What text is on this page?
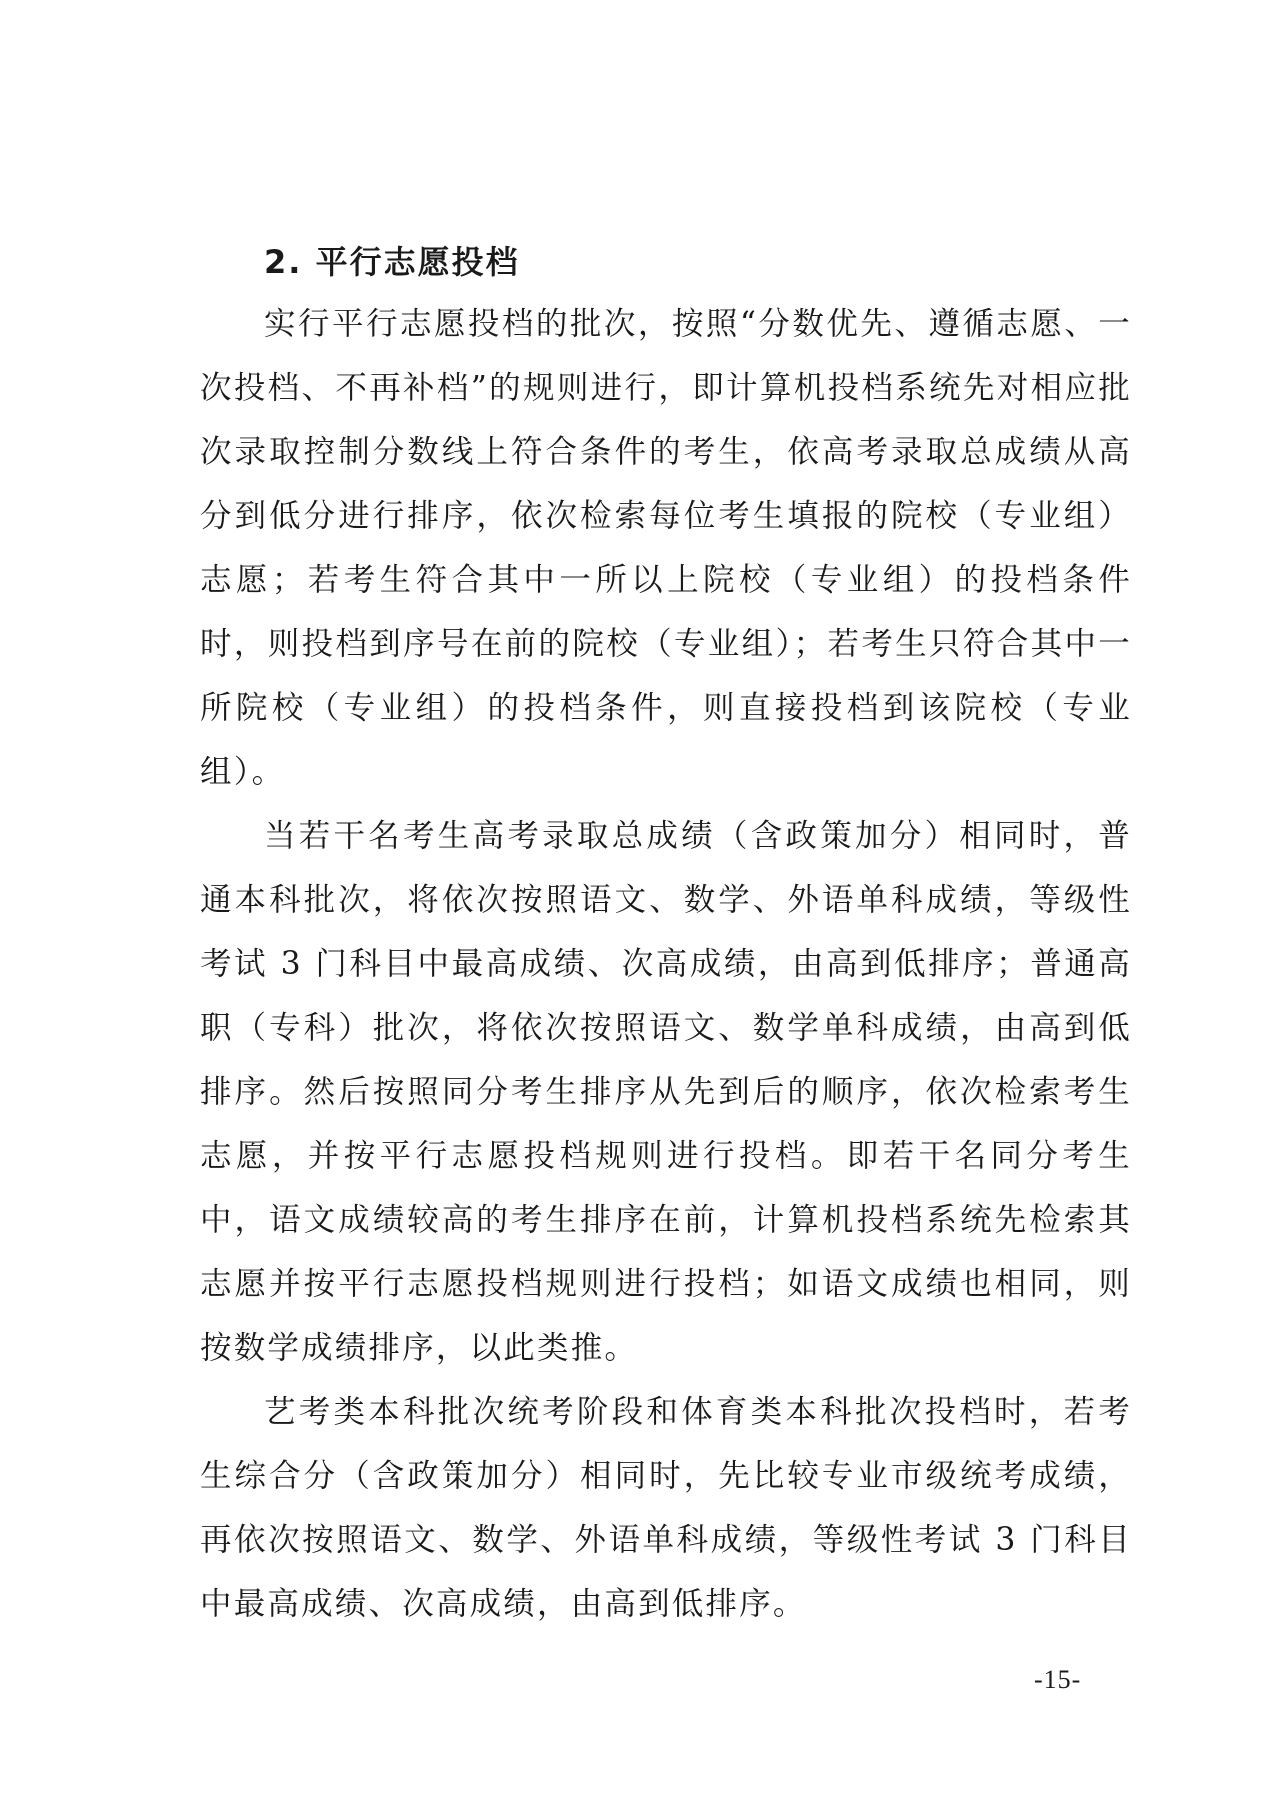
2. 平行志愿投档

实行平行志愿投档的批次，按照“分数优先、遵循志愿、一次投档、不再补档”的规则进行，即计算机投档系统先对相应批次录取控制分数线上符合条件的考生，依高考录取总成绩从高分到低分进行排序，依次检索每位考生填报的院校（专业组）志愿；若考生符合其中一所以上院校（专业组）的投档条件时，则投档到序号在前的院校（专业组）；若考生只符合其中一所院校（专业组）的投档条件，则直接投档到该院校（专业组）。

当若干名考生高考录取总成绩（含政策加分）相同时，普通本科批次，将依次按照语文、数学、外语单科成绩，等级性考试 3 门科目中最高成绩、次高成绩，由高到低排序；普通高职（专科）批次，将依次按照语文、数学单科成绩，由高到低排序。然后按照同分考生排序从先到后的顺序，依次检索考生志愿，并按平行志愿投档规则进行投档。即若干名同分考生中，语文成绩较高的考生排序在前，计算机投档系统先检索其志愿并按平行志愿投档规则进行投档；如语文成绩也相同，则按数学成绩排序，以此类推。

艺考类本科批次统考阶段和体育类本科批次投档时，若考生综合分（含政策加分）相同时，先比较专业市级统考成绩，再依次按照语文、数学、外语单科成绩，等级性考试 3 门科目中最高成绩、次高成绩，由高到低排序。

-15-
